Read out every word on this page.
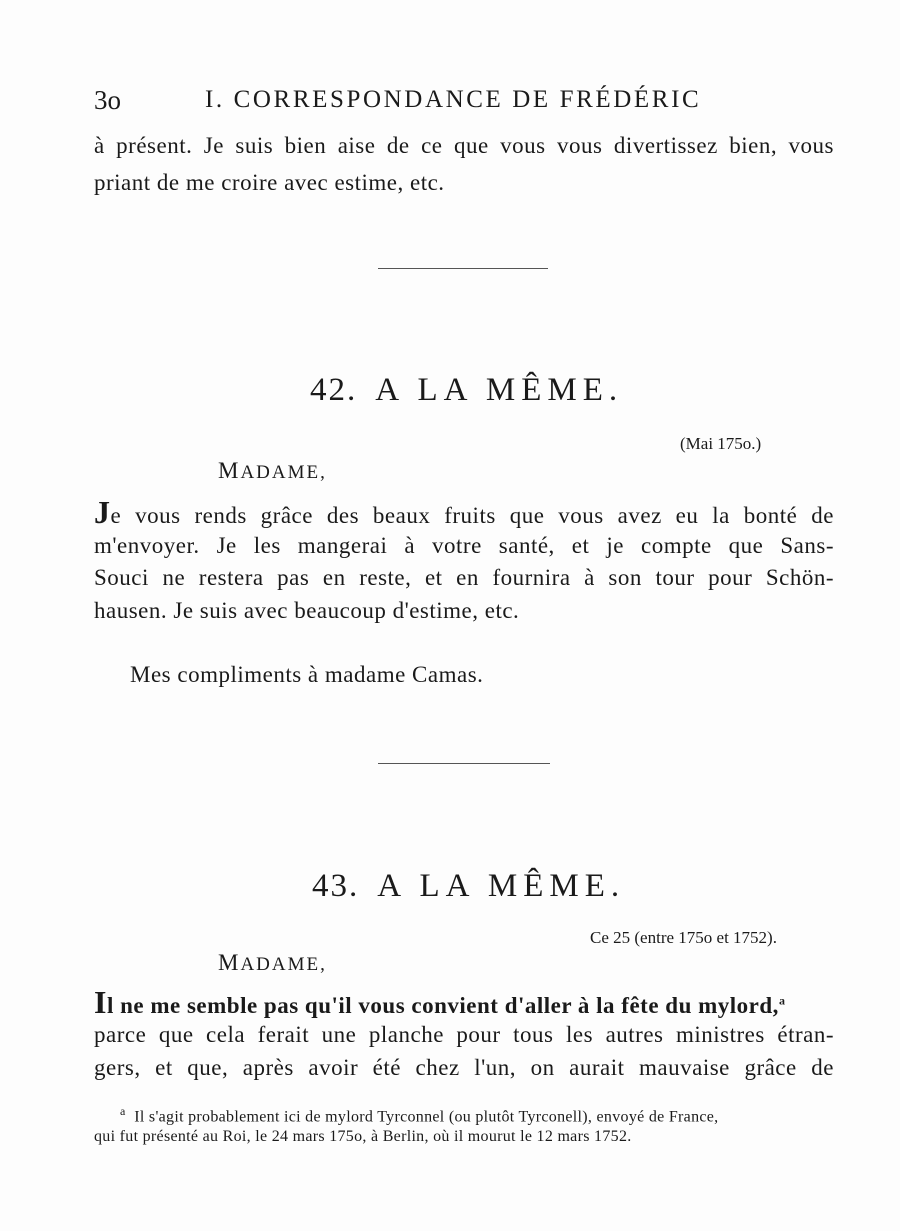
3o	I. CORRESPONDANCE DE FRÉDÉRIC
à présent. Je suis bien aise de ce que vous vous divertissez bien, vous
priant de me croire avec estime, etc.
42. A LA MÊME.
(Mai 175o.)
MADAME,
Je vous rends grâce des beaux fruits que vous avez eu la bonté de
m'envoyer. Je les mangerai à votre santé, et je compte que Sans-
Souci ne restera pas en reste, et en fournira à son tour pour Schön-
hausen. Je suis avec beaucoup d'estime, etc.
Mes compliments à madame Camas.
43. A LA MÊME.
Ce 25 (entre 175o et 1752).
MADAME,
Il ne me semble pas qu'il vous convient d'aller à la fête du mylord,$^a$
parce que cela ferait une planche pour tous les autres ministres étran-
gers, et que, après avoir été chez l'un, on aurait mauvaise grâce de
$^a$ Il s'agit probablement ici de mylord Tyrconnel (ou plutôt Tyrconell), envoyé de France,
qui fut présenté au Roi, le 24 mars 175o, à Berlin, où il mourut le 12 mars 1752.
